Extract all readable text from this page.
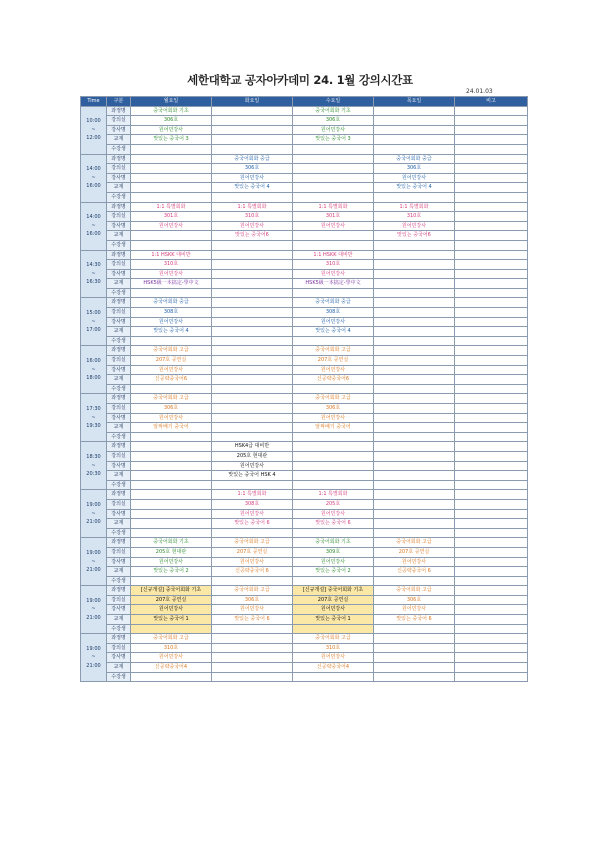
세한대학교 공자아카데미 24. 1월 강의시간표
24.01.03
Time	구분	월요일	화요일	수요일	목요일	비고

10:00
~
12:00	과정명	중국어회화 기초		중국어회화 기초		
	강의실	306호		306호		
	강사명	원어민강사		원어민강사		
	교재	맛있는 중국어 3		맛있는 중국어 3		
	수강생					

14:00
~
16:00	과정명		중국어회화 중급		중국어회화 중급	
	강의실		306호		306호	
	강사명		원어민강사		원어민강사	
	교재		맛있는 중국어 4		맛있는 중국어 4	
	수강생					

14:00
~
16:00	과정명	1:1 특별회화	1:1 특별회화	1:1 특별회화	1:1 특별회화	
	강의실	301호	310호	301호	310호	
	강사명	원어민강사	원어민강사	원어민강사	원어민강사	
	교재		맛있는 중국어6		맛있는 중국어6	
	수강생					

14:30
~
16:30	과정명	1:1 HSKK 대비반		1:1 HSKK 대비반		
	강의실	310호		310호		
	강사명	원어민강사		원어민강사		
	교재	HSK5級一本搞定-學中文		HSK5級一本搞定-學中文		
	수강생					

15:00
~
17:00	과정명	중국어회화 중급		중국어회화 중급		
	강의실	308호		308호		
	강사명	원어민강사		원어민강사		
	교재	맛있는 중국어 4		맛있는 중국어 4		
	수강생					

16:00
~
18:00	과정명	중국어회화 고급		중국어회화 고급		
	강의실	207호 공연실		207호 공연실		
	강사명	원어민강사		원어민강사		
	교재	신공략중국어6		신공략중국어6		
	수강생					

17:30
~
19:30	과정명	중국어회화 고급		중국어회화 고급		
	강의실	306호		306호		
	강사명	원어민강사		원어민강사		
	교재	알짜배기 중국어		알짜배기 중국어		
	수강생					

18:30
~
20:30	과정명		HSK4급 대비반			
	강의실		205호 현대관			
	강사명		원어민강사			
	교재		맛있는 중국어 HSK 4			
	수강생					

19:00
~
21:00	과정명		1:1 특별회화	1:1 특별회화		
	강의실		308호	205호		
	강사명		원어민강사	원어민강사		
	교재		맛있는 중국어 6	맛있는 중국어 6		
	수강생					

19:00
~
21:00	과정명	중국어회화 기초	중국어회화 고급	중국어회화 기초	중국어회화 고급	
	강의실	205호 현대관	207호 공연실	309호	207호 공연실	
	강사명	원어민강사	원어민강사	원어민강사	원어민강사	
	교재	맛있는 중국어 2	신공략중국어 6	맛있는 중국어 2	신공략중국어 6	
	수강생					

19:00
~
21:00	과정명	[신규개설] 중국어회화 기초	중국어회화 고급	[신규개설] 중국어회화 기초	중국어회화 고급	
	강의실	207호 공연실	306호	207호 공연실	306호	
	강사명	원어민강사	원어민강사	원어민강사	원어민강사	
	교재	맛있는 중국어 1	맛있는 중국어 6	맛있는 중국어 1	맛있는 중국어 6	
	수강생					

19:00
~
21:00	과정명	중국어회화 고급		중국어회화 고급		
	강의실	310호		310호		
	강사명	원어민강사		원어민강사		
	교재	신공략중국어4		신공략중국어4		
	수강생					
